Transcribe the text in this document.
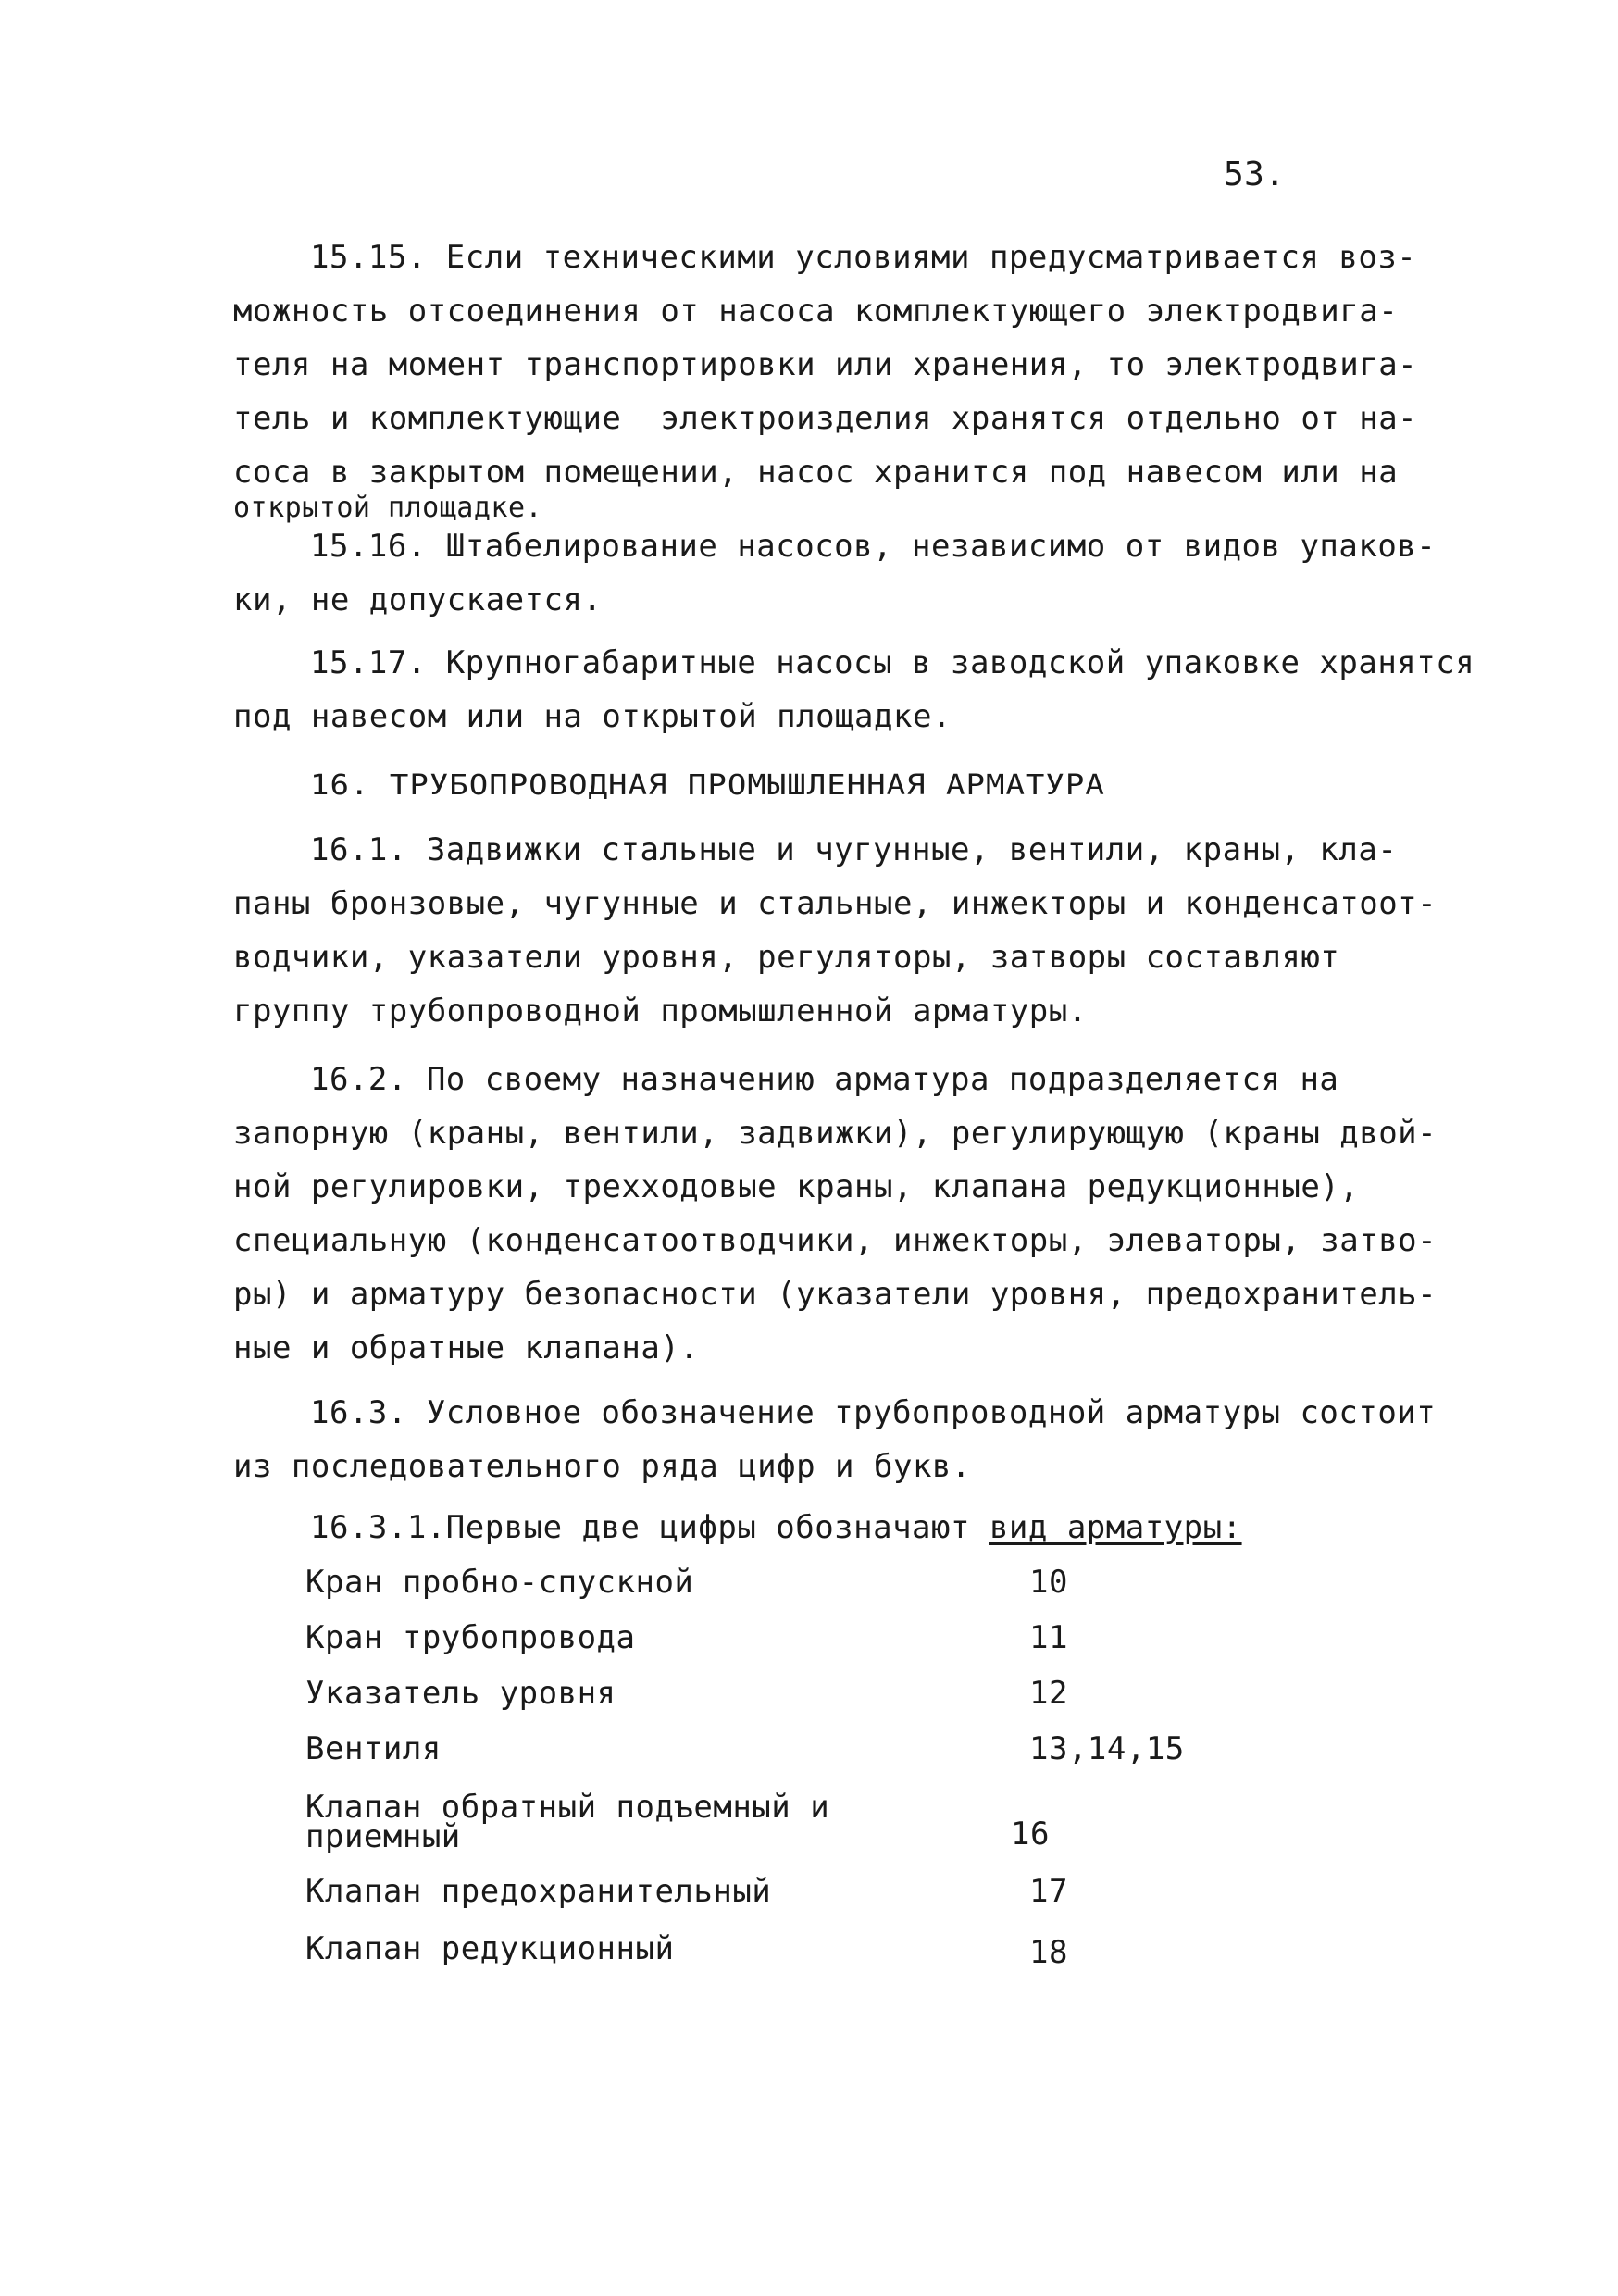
53.
15.15. Если техническими условиями предусматривается воз-
можность отсоединения от насоса комплектующего электродвига-
теля на момент транспортировки или хранения, то электродвига-
тель и комплектующие  электроизделия хранятся отдельно от на-
соса в закрытом помещении, насос хранится под навесом или на
открытой площадке.
15.16. Штабелирование насосов, независимо от видов упаков-
ки, не допускается.
15.17. Крупногабаритные насосы в заводской упаковке хранятся
под навесом или на открытой площадке.
16. ТРУБОПРОВОДНАЯ ПРОМЫШЛЕННАЯ АРМАТУРА
16.1. Задвижки стальные и чугунные, вентили, краны, кла-
паны бронзовые, чугунные и стальные, инжекторы и конденсатоот-
водчики, указатели уровня, регуляторы, затворы составляют
группу трубопроводной промышленной арматуры.
16.2. По своему назначению арматура подразделяется на
запорную (краны, вентили, задвижки), регулирующую (краны двой-
ной регулировки, трехходовые краны, клапана редукционные),
специальную (конденсатоотводчики, инжекторы, элеваторы, затво-
ры) и арматуру безопасности (указатели уровня, предохранитель-
ные и обратные клапана).
16.3. Условное обозначение трубопроводной арматуры состоит
из последовательного ряда цифр и букв.
16.3.1.Первые две цифры обозначают вид арматуры:
Кран пробно-спускной	10
Кран трубопровода	11
Указатель уровня	12
Вентиля	13,14,15
Клапан обратный подъемный и
приемный	16
Клапан предохранительный	17
Клапан редукционный	18
